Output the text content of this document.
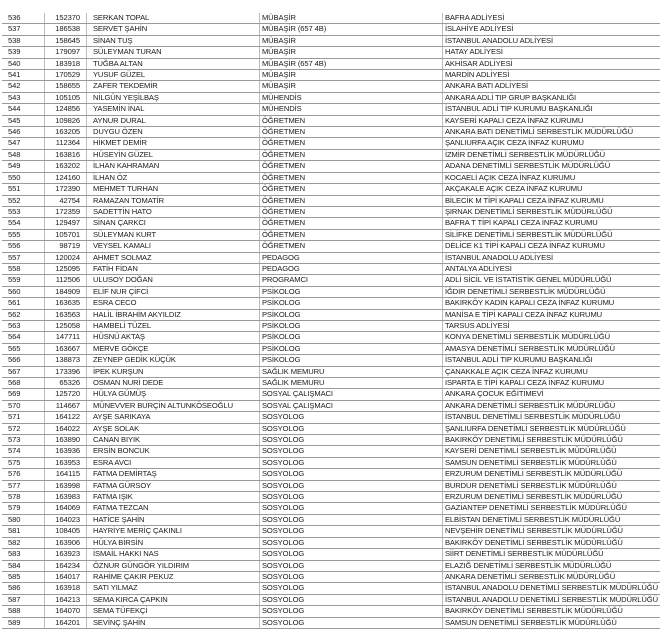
536	152370	SERKAN TOPAL	MÜBAŞİR	BAFRA ADLİYESİ
537	186538	SERVET ŞAHİN	MÜBAŞİR (657 4B)	İSLAHİYE ADLİYESİ
538	158645	SİNAN TUŞ	MÜBAŞİR	İSTANBUL ANADOLU ADLİYESİ
539	179097	SÜLEYMAN TURAN	MÜBAŞİR	HATAY ADLİYESİ
540	183918	TUĞBA ALTAN	MÜBAŞİR (657 4B)	AKHİSAR ADLİYESİ
541	170529	YUSUF GÜZEL	MÜBAŞİR	MARDİN ADLİYESİ
542	158655	ZAFER TEKDEMİR	MÜBAŞİR	ANKARA BATI ADLİYESİ
543	105105	NİLGÜN YEŞİLBAŞ	MÜHENDİS	ANKARA ADLİ TIP GRUP BAŞKANLIĞI
544	124856	YASEMİN İNAL	MÜHENDİS	İSTANBUL ADLİ TIP KURUMU BAŞKANLIĞI
545	109826	AYNUR DURAL	ÖĞRETMEN	KAYSERİ KAPALI CEZA İNFAZ KURUMU
546	163205	DUYGU ÖZEN	ÖĞRETMEN	ANKARA BATI DENETİMLİ SERBESTLİK MÜDÜRLÜĞÜ
547	112364	HİKMET DEMİR	ÖĞRETMEN	ŞANLIURFA AÇIK CEZA İNFAZ KURUMU
548	163816	HÜSEYİN GÜZEL	ÖĞRETMEN	İZMİR DENETİMLİ SERBESTLİK MÜDÜRLÜĞÜ
549	163202	İLHAN KAHRAMAN	ÖĞRETMEN	ADANA DENETİMLİ SERBESTLİK MÜDÜRLÜĞÜ
550	124160	İLHAN ÖZ	ÖĞRETMEN	KOCAELİ AÇIK CEZA İNFAZ KURUMU
551	172390	MEHMET TURHAN	ÖĞRETMEN	AKÇAKALE AÇIK CEZA İNFAZ KURUMU
552	42754	RAMAZAN TOMATİR	ÖĞRETMEN	BİLECİK M TİPİ KAPALI CEZA İNFAZ KURUMU
553	172359	SADETTİN HATO	ÖĞRETMEN	ŞIRNAK DENETİMLİ SERBESTLİK MÜDÜRLÜĞÜ
554	129497	SİNAN ÇARKCI	ÖĞRETMEN	BAFRA T TİPİ KAPALI CEZA İNFAZ KURUMU
555	105701	SÜLEYMAN KURT	ÖĞRETMEN	SİLİFKE DENETİMLİ SERBESTLİK MÜDÜRLÜĞÜ
556	98719	VEYSEL KAMALI	ÖĞRETMEN	DELİCE K1 TİPİ KAPALI CEZA İNFAZ KURUMU
557	120024	AHMET SOLMAZ	PEDAGOG	İSTANBUL ANADOLU ADLİYESİ
558	125095	FATİH FİDAN	PEDAGOG	ANTALYA ADLİYESİ
559	112506	ULUSOY DOĞAN	PROGRAMCI	ADLİ SİCİL VE İSTATİSTİK GENEL MÜDÜRLÜĞÜ
560	184909	ELİF NUR ÇİFCİ	PSİKOLOG	İĞDIR DENETİMLİ SERBESTLİK MÜDÜRLÜĞÜ
561	163635	ESRA CECO	PSİKOLOG	BAKIRKÖY KADIN KAPALI CEZA İNFAZ KURUMU
562	163563	HALİL İBRAHİM AKYILDIZ	PSİKOLOG	MANİSA E TİPİ KAPALI CEZA İNFAZ KURUMU
563	125058	HAMBELİ TÜZEL	PSİKOLOG	TARSUS ADLİYESİ
564	147711	HÜSNÜ AKTAŞ	PSİKOLOG	KONYA DENETİMLİ SERBESTLİK MÜDÜRLÜĞÜ
565	163667	MERVE GÖKÇE	PSİKOLOG	AMASYA DENETİMLİ SERBESTLİK MÜDÜRLÜĞÜ
566	138873	ZEYNEP GEDİK KÜÇÜK	PSİKOLOG	İSTANBUL ADLİ TIP KURUMU BAŞKANLIĞI
567	173396	İPEK KURŞUN	SAĞLIK MEMURU	ÇANAKKALE AÇIK CEZA İNFAZ KURUMU
568	65326	OSMAN NURİ DEDE	SAĞLIK MEMURU	ISPARTA E TİPİ KAPALI CEZA İNFAZ KURUMU
569	125720	HÜLYA GÜMÜŞ	SOSYAL ÇALIŞMACI	ANKARA ÇOCUK EĞİTİMEVİ
570	114667	MÜNEVVER BURÇİN ALTUNKÖSEOĞLU	SOSYAL ÇALIŞMACI	ANKARA DENETİMLİ SERBESTLİK MÜDÜRLÜĞÜ
571	164122	AYŞE SARIKAYA	SOSYOLOG	İSTANBUL DENETİMLİ SERBESTLİK MÜDÜRLÜĞÜ
572	164022	AYŞE SOLAK	SOSYOLOG	ŞANLIURFA DENETİMLİ SERBESTLİK MÜDÜRLÜĞÜ
573	163890	CANAN BIYIK	SOSYOLOG	BAKIRKÖY DENETİMLİ SERBESTLİK MÜDÜRLÜĞÜ
574	163936	ERSİN BONCUK	SOSYOLOG	KAYSERİ DENETİMLİ SERBESTLİK MÜDÜRLÜĞÜ
575	163953	ESRA AVCI	SOSYOLOG	SAMSUN DENETİMLİ SERBESTLİK MÜDÜRLÜĞÜ
576	164115	FATMA DEMİRTAŞ	SOSYOLOG	ERZURUM DENETİMLİ SERBESTLİK MÜDÜRLÜĞÜ
577	163998	FATMA GÜRSOY	SOSYOLOG	BURDUR DENETİMLİ SERBESTLİK MÜDÜRLÜĞÜ
578	163983	FATMA IŞIK	SOSYOLOG	ERZURUM DENETİMLİ SERBESTLİK MÜDÜRLÜĞÜ
579	164069	FATMA TEZCAN	SOSYOLOG	GAZİANTEP DENETİMLİ SERBESTLİK MÜDÜRLÜĞÜ
580	164023	HATİCE ŞAHİN	SOSYOLOG	ELBİSTAN DENETİMLİ SERBESTLİK MÜDÜRLÜĞÜ
581	108405	HAYRİYE MERİÇ ÇAKINLI	SOSYOLOG	NEVŞEHİR DENETİMLİ SERBESTLİK MÜDÜRLÜĞÜ
582	163906	HÜLYA BİRSİN	SOSYOLOG	BAKIRKÖY DENETİMLİ SERBESTLİK MÜDÜRLÜĞÜ
583	163923	İSMAİL HAKKI NAS	SOSYOLOG	SİİRT DENETİMLİ SERBESTLİK MÜDÜRLÜĞÜ
584	164234	ÖZNUR GÜNGÖR YILDIRIM	SOSYOLOG	ELAZIĞ DENETİMLİ SERBESTLİK MÜDÜRLÜĞÜ
585	164017	RAHİME ÇAKIR PEKUZ	SOSYOLOG	ANKARA DENETİMLİ SERBESTLİK MÜDÜRLÜĞÜ
586	163918	SATI YILMAZ	SOSYOLOG	İSTANBUL ANADOLU DENETİMLİ SERBESTLİK MÜDÜRLÜĞÜ
587	164213	SEMA KIRCA ÇAPKIN	SOSYOLOG	İSTANBUL ANADOLU DENETİMLİ SERBESTLİK MÜDÜRLÜĞÜ
588	164070	SEMA TÜFEKÇİ	SOSYOLOG	BAKIRKÖY DENETİMLİ SERBESTLİK MÜDÜRLÜĞÜ
589	164201	SEVİNÇ ŞAHİN	SOSYOLOG	SAMSUN DENETİMLİ SERBESTLİK MÜDÜRLÜĞÜ
